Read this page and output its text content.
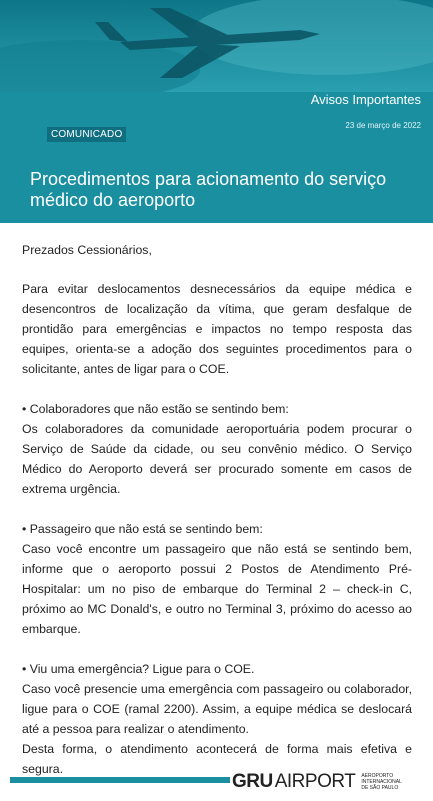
Avisos Importantes
23 de março de 2022
COMUNICADO
Procedimentos para acionamento do serviço médico do aeroporto

Prezados Cessionários,

Para evitar deslocamentos desnecessários da equipe médica e desencontros de localização da vítima, que geram desfalque de prontidão para emergências e impactos no tempo resposta das equipes, orienta-se a adoção dos seguintes procedimentos para o solicitante, antes de ligar para o COE.

• Colaboradores que não estão se sentindo bem:

Os colaboradores da comunidade aeroportuária podem procurar o Serviço de Saúde da cidade, ou seu convênio médico. O Serviço Médico do Aeroporto deverá ser procurado somente em casos de extrema urgência.

• Passageiro que não está se sentindo bem:

Caso você encontre um passageiro que não está se sentindo bem, informe que o aeroporto possui 2 Postos de Atendimento Pré-Hospitalar: um no piso de embarque do Terminal 2 – check-in C, próximo ao MC Donald's, e outro no Terminal 3, próximo do acesso ao embarque.

• Viu uma emergência? Ligue para o COE.

Caso você presencie uma emergência com passageiro ou colaborador, ligue para o COE (ramal 2200). Assim, a equipe médica se deslocará até a pessoa para realizar o atendimento.

Desta forma, o atendimento acontecerá de forma mais efetiva e segura.

GRU AIRPORT AEROPORTO INTERNACIONAL DE SÃO PAULO
